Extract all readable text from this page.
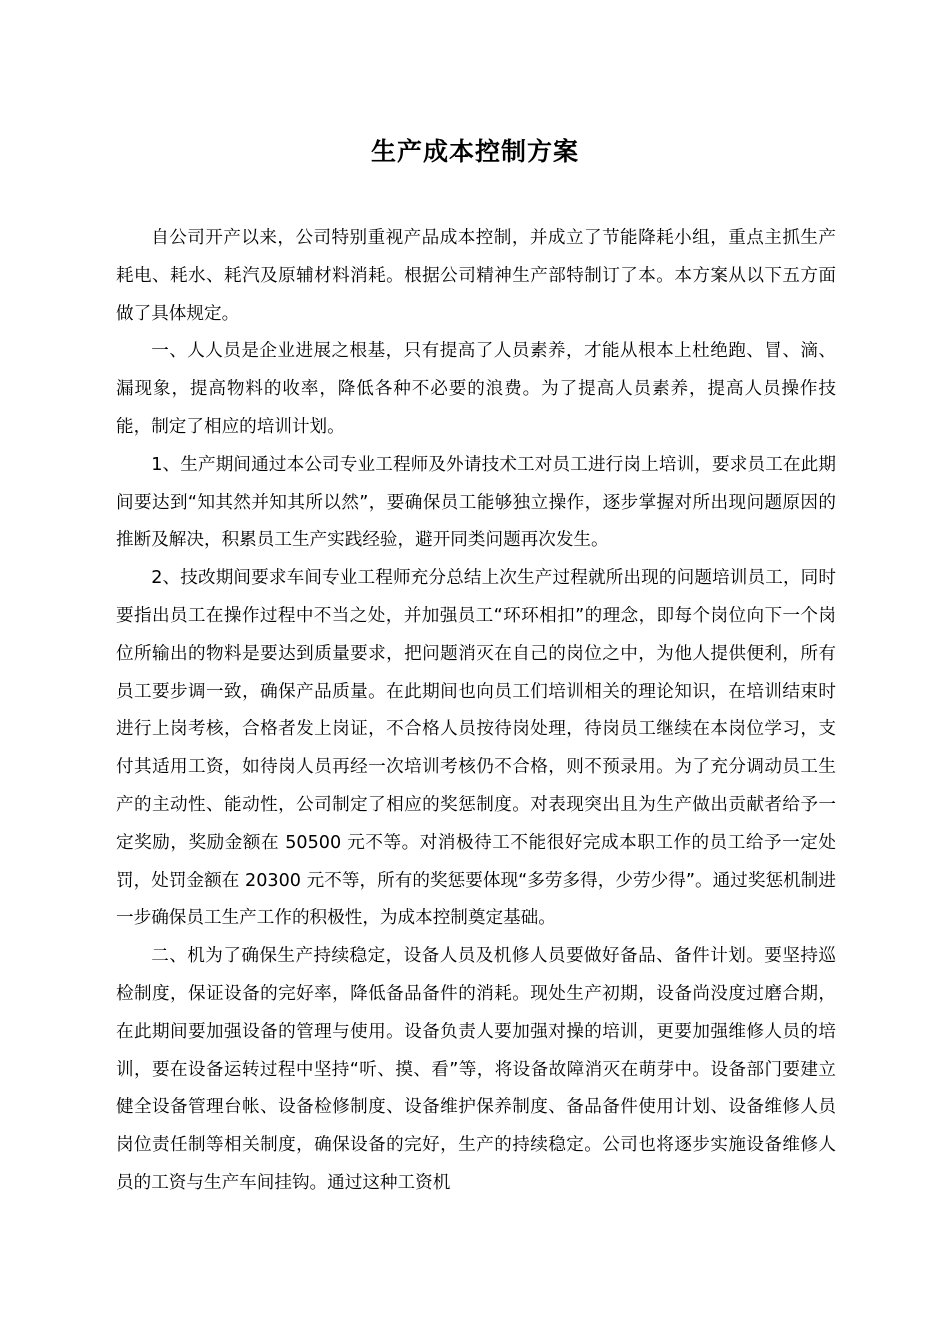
生产成本控制方案

自公司开产以来，公司特别重视产品成本控制，并成立了节能降耗小组，重点主抓生产耗电、耗水、耗汽及原辅材料消耗。根据公司精神生产部特制订了本。本方案从以下五方面做了具体规定。

一、人人员是企业进展之根基，只有提高了人员素养，才能从根本上杜绝跑、冒、滴、漏现象，提高物料的收率，降低各种不必要的浪费。为了提高人员素养，提高人员操作技能，制定了相应的培训计划。

1、生产期间通过本公司专业工程师及外请技术工对员工进行岗上培训，要求员工在此期间要达到“知其然并知其所以然”，要确保员工能够独立操作，逐步掌握对所出现问题原因的推断及解决，积累员工生产实践经验，避开同类问题再次发生。

2、技改期间要求车间专业工程师充分总结上次生产过程就所出现的问题培训员工，同时要指出员工在操作过程中不当之处，并加强员工“环环相扣”的理念，即每个岗位向下一个岗位所输出的物料是要达到质量要求，把问题消灭在自己的岗位之中，为他人提供便利，所有员工要步调一致，确保产品质量。在此期间也向员工们培训相关的理论知识，在培训结束时进行上岗考核，合格者发上岗证，不合格人员按待岗处理，待岗员工继续在本岗位学习，支付其适用工资，如待岗人员再经一次培训考核仍不合格，则不预录用。为了充分调动员工生产的主动性、能动性，公司制定了相应的奖惩制度。对表现突出且为生产做出贡献者给予一定奖励，奖励金额在 50500 元不等。对消极待工不能很好完成本职工作的员工给予一定处罚，处罚金额在 20300 元不等，所有的奖惩要体现“多劳多得，少劳少得”。通过奖惩机制进一步确保员工生产工作的积极性，为成本控制奠定基础。

二、机为了确保生产持续稳定，设备人员及机修人员要做好备品、备件计划。要坚持巡检制度，保证设备的完好率，降低备品备件的消耗。现处生产初期，设备尚没度过磨合期，在此期间要加强设备的管理与使用。设备负责人要加强对操的培训，更要加强维修人员的培训，要在设备运转过程中坚持“听、摸、看”等，将设备故障消灭在萌芽中。设备部门要建立健全设备管理台帐、设备检修制度、设备维护保养制度、备品备件使用计划、设备维修人员岗位责任制等相关制度，确保设备的完好，生产的持续稳定。公司也将逐步实施设备维修人员的工资与生产车间挂钩。通过这种工资机
